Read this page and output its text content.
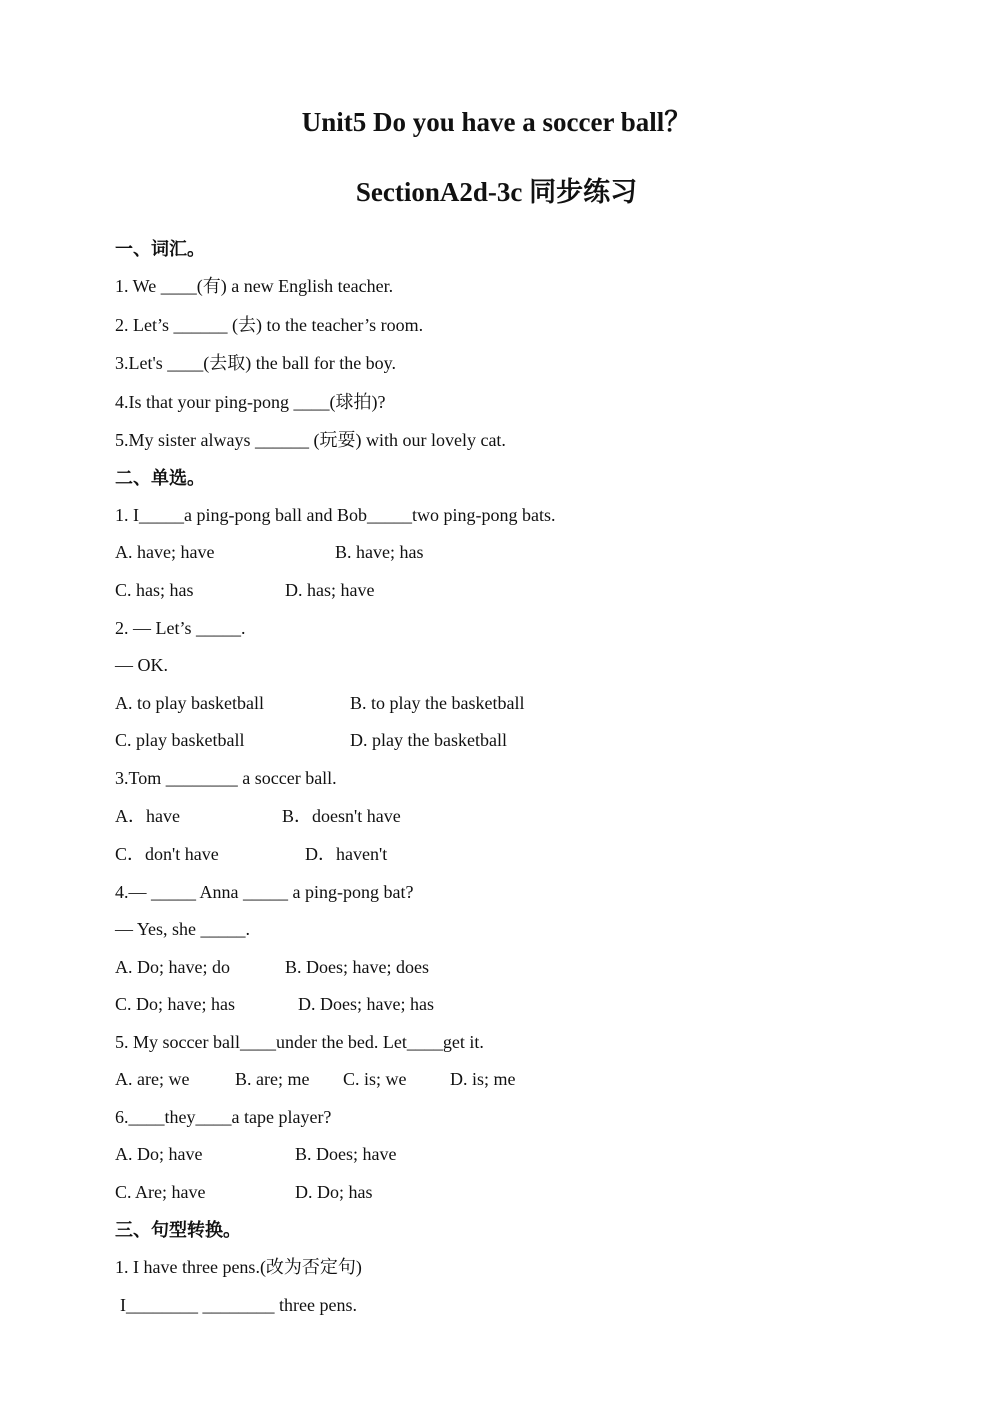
Unit5 Do you have a soccer ball？
SectionA2d-3c 同步练习
一、词汇。
1. We ____(有) a new English teacher.
2. Let’s ______ (去) to the teacher’s room.
3.Let's ____(去取) the ball for the boy.
4.Is that your ping-pong ____(球拍)?
5.My sister always ______ (玩耍) with our lovely cat.
二、单选。
1. I_____a ping-pong ball and Bob_____two ping-pong bats.
A. have; have	B. have; has
C. has; has	D. has; have
2. — Let’s _____.
— OK.
A. to play basketball	B. to play the basketball
C. play basketball	D. play the basketball
3.Tom ________ a soccer ball.
A．have	B．doesn't have
C．don't have	D．haven't
4.— _____ Anna _____ a ping-pong bat?
— Yes, she _____.
A. Do; have; do	B. Does; have; does
C. Do; have; has	D. Does; have; has
5. My soccer ball____under the bed. Let____get it.
A. are; we	B. are; me C. is; we D. is; me
6.____they____a tape player?
A. Do; have	B. Does; have
C. Are; have	D. Do; has
三、句型转换。
1. I have three pens.(改为否定句)
I________ ________ three pens.
